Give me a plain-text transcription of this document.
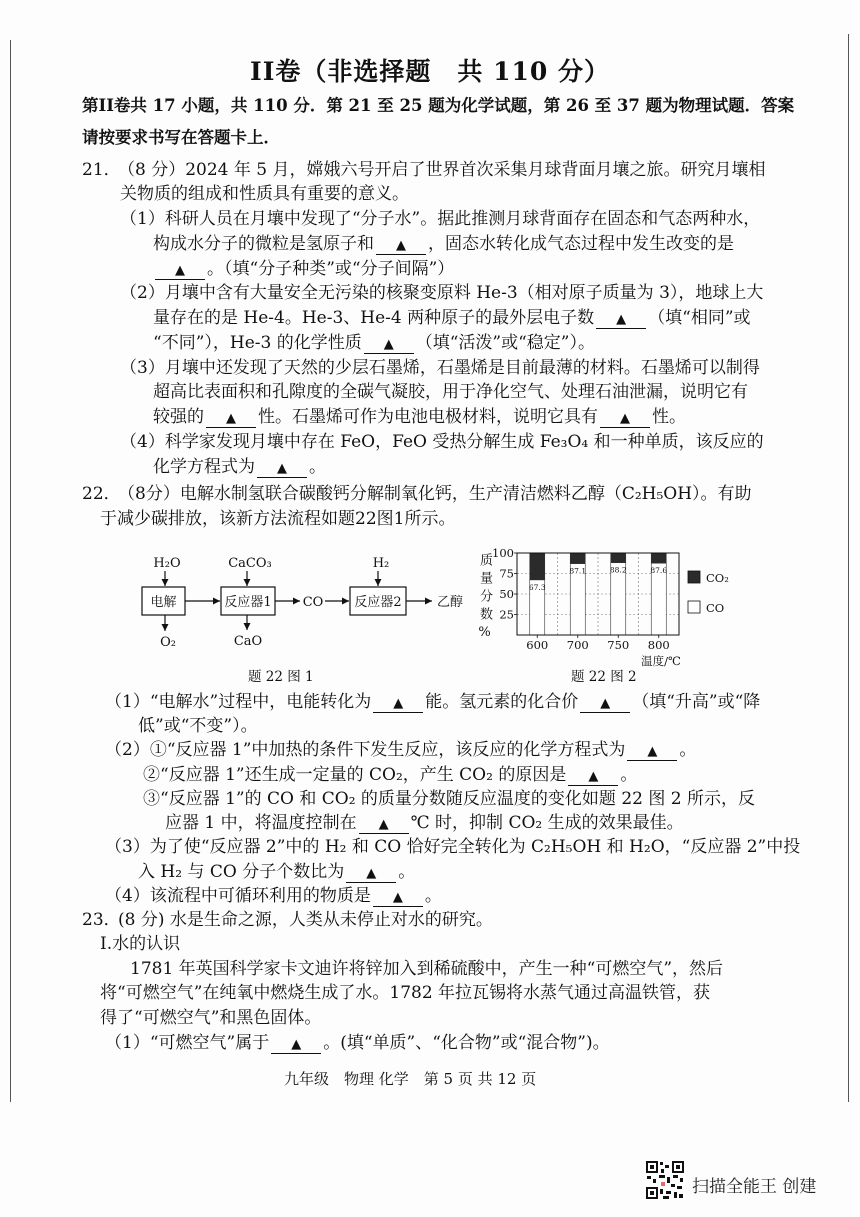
II卷（非选择题　共 110 分）
第II卷共 17 小题，共 110 分．第 21 至 25 题为化学试题，第 26 至 37 题为物理试题．答案
请按要求书写在答题卡上．
21．（8 分）2024 年 5 月，嫦娥六号开启了世界首次采集月球背面月壤之旅。研究月壤相
关物质的组成和性质具有重要的意义。
（1）科研人员在月壤中发现了“分子水”。据此推测月球背面存在固态和气态两种水，
构成水分子的微粒是氢原子和 ▲ ，固态水转化成气态过程中发生改变的是
▲ 。（填“分子种类”或“分子间隔”）
（2）月壤中含有大量安全无污染的核聚变原料 He-3（相对原子质量为 3），地球上大
量存在的是 He-4。He-3、He-4 两种原子的最外层电子数 ▲ （填“相同”或
“不同”），He-3 的化学性质 ▲ （填“活泼”或“稳定”）。
（3）月壤中还发现了天然的少层石墨烯，石墨烯是目前最薄的材料。石墨烯可以制得
超高比表面积和孔隙度的全碳气凝胶，用于净化空气、处理石油泄漏，说明它有
较强的 ▲ 性。石墨烯可作为电池电极材料，说明它具有 ▲ 性。
（4）科学家发现月壤中存在 FeO，FeO 受热分解生成 Fe₃O₄ 和一种单质，该反应的
化学方程式为 ▲ 。
22．（8分）电解水制氢联合碳酸钙分解制氧化钙，生产清洁燃料乙醇（C₂H₅OH）。有助
于减少碳排放，该新方法流程如题22图1所示。
H₂O
电解
O₂
CaCO₃
反应器1
CaO
CO
H₂
反应器2	乙醇
题 22 图 1
质量分数% 100
75
50
25
67.3
600
87.1
700
88.2
750
87.6
800
温度/℃
CO₂
CO
题 22 图 2
（1）“电解水”过程中，电能转化为 ▲ 能。氢元素的化合价 ▲ （填“升高”或“降
低”或“不变”）。
（2）①“反应器 1”中加热的条件下发生反应，该反应的化学方程式为 ▲ 。
②“反应器 1”还生成一定量的 CO₂，产生 CO₂ 的原因是 ▲ 。
③“反应器 1”的 CO 和 CO₂ 的质量分数随反应温度的变化如题 22 图 2 所示，反
应器 1 中，将温度控制在 ▲ ℃ 时，抑制 CO₂ 生成的效果最佳。
（3）为了使“反应器 2”中的 H₂ 和 CO 恰好完全转化为 C₂H₅OH 和 H₂O，“反应器 2”中投
入 H₂ 与 CO 分子个数比为 ▲ 。
（4）该流程中可循环利用的物质是 ▲ 。
23．(8 分) 水是生命之源，人类从未停止对水的研究。
I.水的认识
1781 年英国科学家卡文迪许将锌加入到稀硫酸中，产生一种“可燃空气”，然后
将“可燃空气”在纯氧中燃烧生成了水。1782 年拉瓦锡将水蒸气通过高温铁管，获
得了“可燃空气”和黑色固体。
（1）“可燃空气”属于 ▲ 。(填“单质”、“化合物”或“混合物”)。
九年级　物理 化学　第 5 页 共 12 页
扫描全能王 创建
